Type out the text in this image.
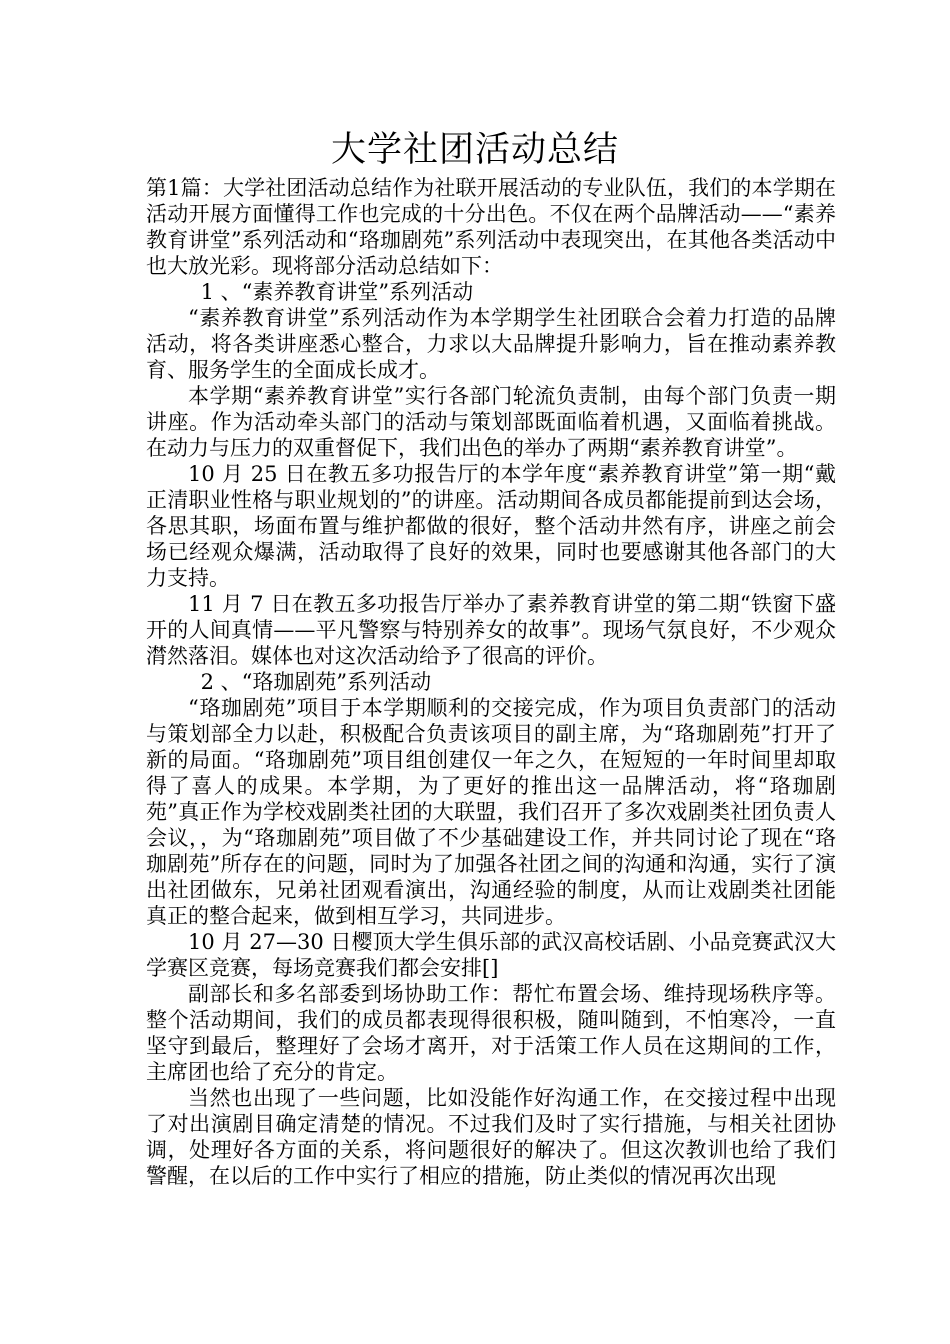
大学社团活动总结

第1篇：大学社团活动总结作为社联开展活动的专业队伍，我们的本学期在活动开展方面懂得工作也完成的十分出色。不仅在两个品牌活动——“素养教育讲堂”系列活动和“珞珈剧苑”系列活动中表现突出，在其他各类活动中也大放光彩。现将部分活动总结如下：

1 、“素养教育讲堂”系列活动

“素养教育讲堂”系列活动作为本学期学生社团联合会着力打造的品牌活动，将各类讲座悉心整合，力求以大品牌提升影响力，旨在推动素养教育、服务学生的全面成长成才。

本学期“素养教育讲堂”实行各部门轮流负责制，由每个部门负责一期讲座。作为活动牵头部门的活动与策划部既面临着机遇，又面临着挑战。在动力与压力的双重督促下，我们出色的举办了两期“素养教育讲堂”。

10 月 25 日在教五多功报告厅的本学年度“素养教育讲堂”第一期“戴正清职业性格与职业规划的”的讲座。活动期间各成员都能提前到达会场，各思其职，场面布置与维护都做的很好，整个活动井然有序，讲座之前会场已经观众爆满，活动取得了良好的效果，同时也要感谢其他各部门的大力支持。

11 月 7 日在教五多功报告厅举办了素养教育讲堂的第二期“铁窗下盛开的人间真情——平凡警察与特别养女的故事”。现场气氛良好，不少观众潸然落泪。媒体也对这次活动给予了很高的评价。

2 、“珞珈剧苑”系列活动

“珞珈剧苑”项目于本学期顺利的交接完成，作为项目负责部门的活动与策划部全力以赴，积极配合负责该项目的副主席，为“珞珈剧苑”打开了新的局面。“珞珈剧苑”项目组创建仅一年之久，在短短的一年时间里却取得了喜人的成果。本学期，为了更好的推出这一品牌活动，将“珞珈剧苑”真正作为学校戏剧类社团的大联盟，我们召开了多次戏剧类社团负责人会议，，为“珞珈剧苑”项目做了不少基础建设工作，并共同讨论了现在“珞珈剧苑”所存在的问题，同时为了加强各社团之间的沟通和沟通，实行了演出社团做东，兄弟社团观看演出，沟通经验的制度，从而让戏剧类社团能真正的整合起来，做到相互学习，共同进步。

10 月 27—30 日樱顶大学生俱乐部的武汉高校话剧、小品竞赛武汉大学赛区竞赛，每场竞赛我们都会安排[]

副部长和多名部委到场协助工作：帮忙布置会场、维持现场秩序等。整个活动期间，我们的成员都表现得很积极，随叫随到，不怕寒冷，一直坚守到最后，整理好了会场才离开，对于活策工作人员在这期间的工作，主席团也给了充分的肯定。

当然也出现了一些问题，比如没能作好沟通工作，在交接过程中出现了对出演剧目确定清楚的情况。不过我们及时了实行措施，与相关社团协调，处理好各方面的关系，将问题很好的解决了。但这次教训也给了我们警醒，在以后的工作中实行了相应的措施，防止类似的情况再次出现
